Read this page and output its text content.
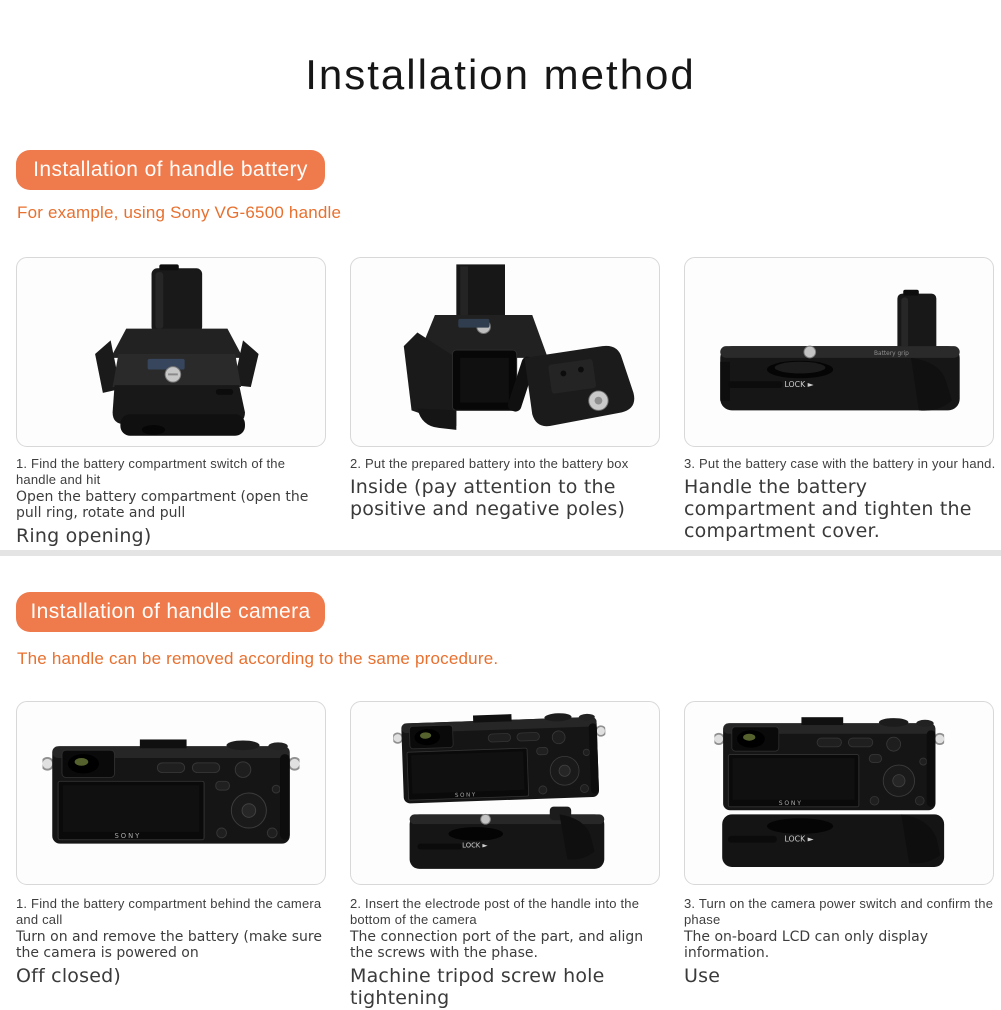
Installation method
Installation of handle battery
For example, using Sony VG-6500 handle
Battery grip
LOCK ►
1. Find the battery compartment switch of the handle and hit
Open the battery compartment (open the pull ring, rotate and pull
Ring opening)
2. Put the prepared battery into the battery box
Inside (pay attention to the positive and negative poles)
3. Put the battery case with the battery in your hand.
Handle the battery compartment and tighten the compartment cover.
Installation of handle camera
The handle can be removed according to the same procedure.
LOCK ►
LOCK ►
1. Find the battery compartment behind the camera and call
Turn on and remove the battery (make sure the camera is powered on
Off closed)
2. Insert the electrode post of the handle into the bottom of the camera
The connection port of the part, and align the screws with the phase.
Machine tripod screw hole tightening
3. Turn on the camera power switch and confirm the phase
The on-board LCD can only display information.
Use
